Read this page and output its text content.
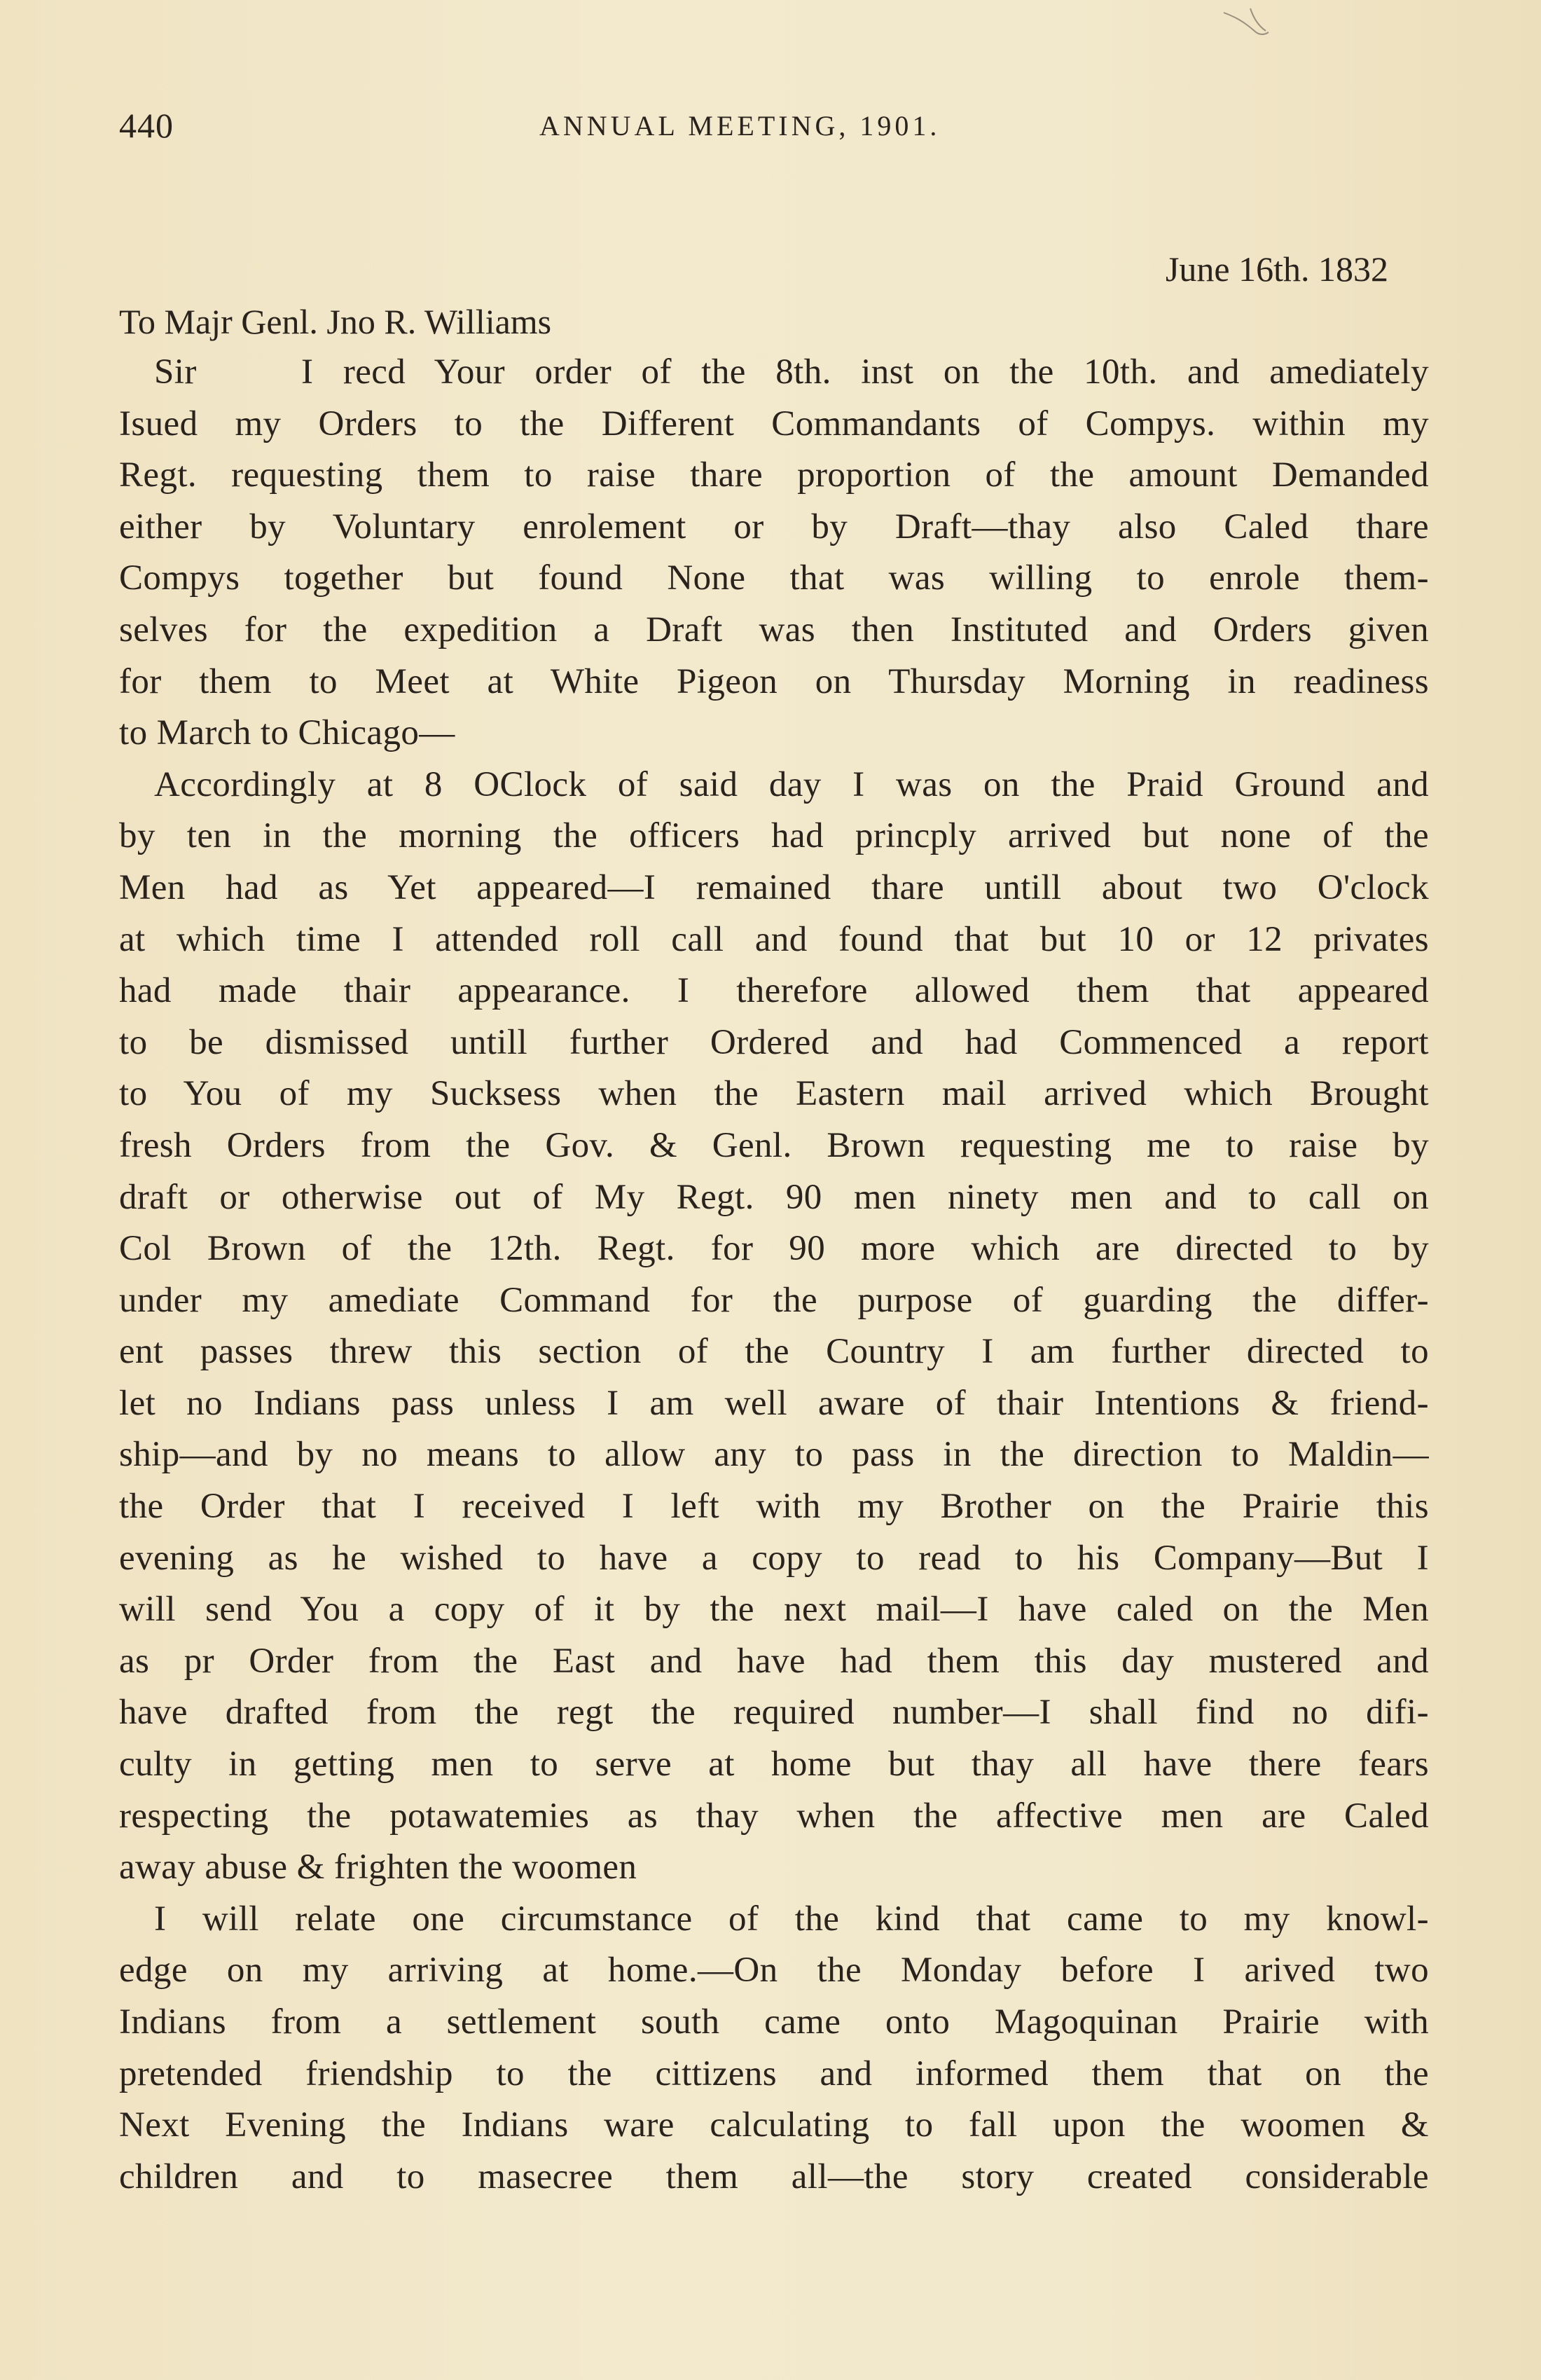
440	ANNUAL MEETING, 1901.
June 16th. 1832
To Majr Genl. Jno R. Williams
Sir	I recd Your order of the 8th. inst on the 10th. and amediately
Isued my Orders to the Different Commandants of Compys. within my
Regt. requesting them to raise thare proportion of the amount Demanded
either by Voluntary enrolement or by Draft—thay also Caled thare
Compys together but found None that was willing to enrole them-
selves for the expedition a Draft was then Instituted and Orders given
for them to Meet at White Pigeon on Thursday Morning in readiness
to March to Chicago—
Accordingly at 8 OClock of said day I was on the Praid Ground and
by ten in the morning the officers had princply arrived but none of the
Men had as Yet appeared—I remained thare untill about two O'clock
at which time I attended roll call and found that but 10 or 12 privates
had made thair appearance. I therefore allowed them that appeared
to be dismissed untill further Ordered and had Commenced a report
to You of my Sucksess when the Eastern mail arrived which Brought
fresh Orders from the Gov. & Genl. Brown requesting me to raise by
draft or otherwise out of My Regt. 90 men ninety men and to call on
Col Brown of the 12th. Regt. for 90 more which are directed to by
under my amediate Command for the purpose of guarding the differ-
ent passes threw this section of the Country I am further directed to
let no Indians pass unless I am well aware of thair Intentions & friend-
ship—and by no means to allow any to pass in the direction to Maldin—
the Order that I received I left with my Brother on the Prairie this
evening as he wished to have a copy to read to his Company—But I
will send You a copy of it by the next mail—I have caled on the Men
as pr Order from the East and have had them this day mustered and
have drafted from the regt the required number—I shall find no difi-
culty in getting men to serve at home but thay all have there fears
respecting the potawatemies as thay when the affective men are Caled
away abuse & frighten the woomen
I will relate one circumstance of the kind that came to my knowl-
edge on my arriving at home.—On the Monday before I arived two
Indians from a settlement south came onto Magoquinan Prairie with
pretended friendship to the cittizens and informed them that on the
Next Evening the Indians ware calculating to fall upon the woomen &
children and to masecree them all—the story created considerable
